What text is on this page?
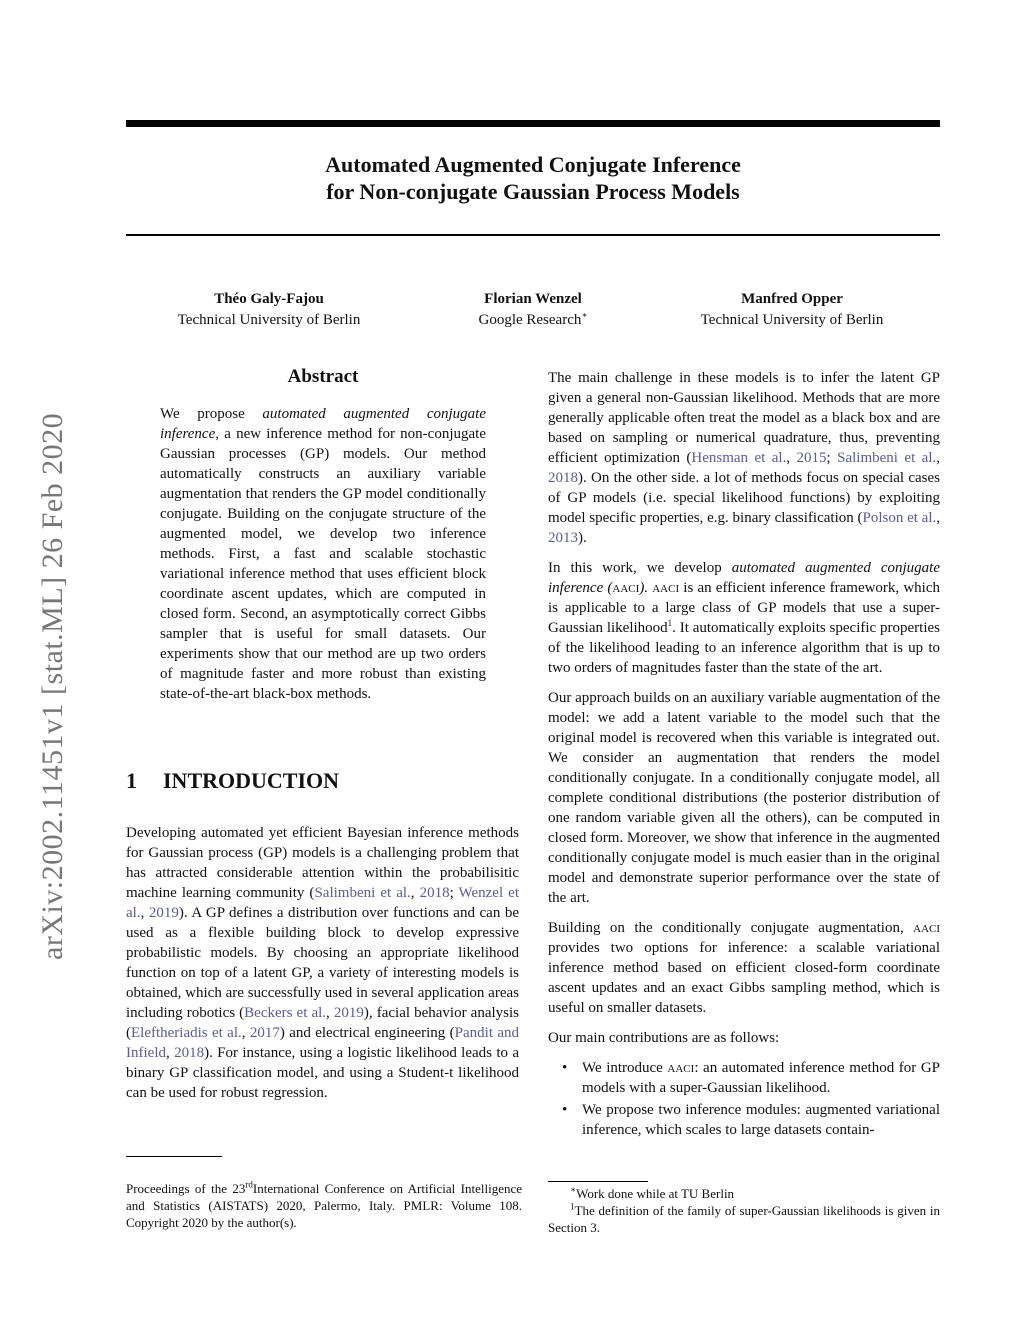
Automated Augmented Conjugate Inference
for Non-conjugate Gaussian Process Models
Théo Galy-Fajou
Technical University of Berlin
Florian Wenzel
Google Research∗
Manfred Opper
Technical University of Berlin
arXiv:2002.11451v1 [stat.ML] 26 Feb 2020
Abstract
We propose automated augmented conjugate inference, a new inference method for non-conjugate Gaussian processes (GP) models. Our method automatically constructs an auxiliary variable augmentation that renders the GP model conditionally conjugate. Building on the conjugate structure of the augmented model, we develop two inference methods. First, a fast and scalable stochastic variational inference method that uses efficient block coordinate ascent updates, which are computed in closed form. Second, an asymptotically correct Gibbs sampler that is useful for small datasets. Our experiments show that our method are up two orders of magnitude faster and more robust than existing state-of-the-art black-box methods.
1 INTRODUCTION
Developing automated yet efficient Bayesian inference methods for Gaussian process (GP) models is a challenging problem that has attracted considerable attention within the probabilisitic machine learning community (Salimbeni et al., 2018; Wenzel et al., 2019). A GP defines a distribution over functions and can be used as a flexible building block to develop expressive probabilistic models. By choosing an appropriate likelihood function on top of a latent GP, a variety of interesting models is obtained, which are successfully used in several application areas including robotics (Beckers et al., 2019), facial behavior analysis (Eleftheriadis et al., 2017) and electrical engineering (Pandit and Infield, 2018). For instance, using a logistic likelihood leads to a binary GP classification model, and using a Student-t likelihood can be used for robust regression.
Proceedings of the 23rdInternational Conference on Artificial Intelligence and Statistics (AISTATS) 2020, Palermo, Italy. PMLR: Volume 108. Copyright 2020 by the author(s).

The main challenge in these models is to infer the latent GP given a general non-Gaussian likelihood. Methods that are more generally applicable often treat the model as a black box and are based on sampling or numerical quadrature, thus, preventing efficient optimization (Hensman et al., 2015; Salimbeni et al., 2018). On the other side. a lot of methods focus on special cases of GP models (i.e. special likelihood functions) by exploiting model specific properties, e.g. binary classification (Polson et al., 2013).

In this work, we develop automated augmented conjugate inference (aaci). aaci is an efficient inference framework, which is applicable to a large class of GP models that use a super-Gaussian likelihood$^1$. It automatically exploits specific properties of the likelihood leading to an inference algorithm that is up to two orders of magnitudes faster than the state of the art.

Our approach builds on an auxiliary variable augmentation of the model: we add a latent variable to the model such that the original model is recovered when this variable is integrated out. We consider an augmentation that renders the model conditionally conjugate. In a conditionally conjugate model, all complete conditional distributions (the posterior distribution of one random variable given all the others), can be computed in closed form. Moreover, we show that inference in the augmented conditionally conjugate model is much easier than in the original model and demonstrate superior performance over the state of the art.

Building on the conditionally conjugate augmentation, aaci provides two options for inference: a scalable variational inference method based on efficient closed-form coordinate ascent updates and an exact Gibbs sampling method, which is useful on smaller datasets.

Our main contributions are as follows:

• We introduce aaci: an automated inference method for GP models with a super-Gaussian likelihood.
• We propose two inference modules: augmented variational inference, which scales to large datasets contain-

∗Work done while at TU Berlin

$^1$The definition of the family of super-Gaussian likelihoods is given in Section 3.
